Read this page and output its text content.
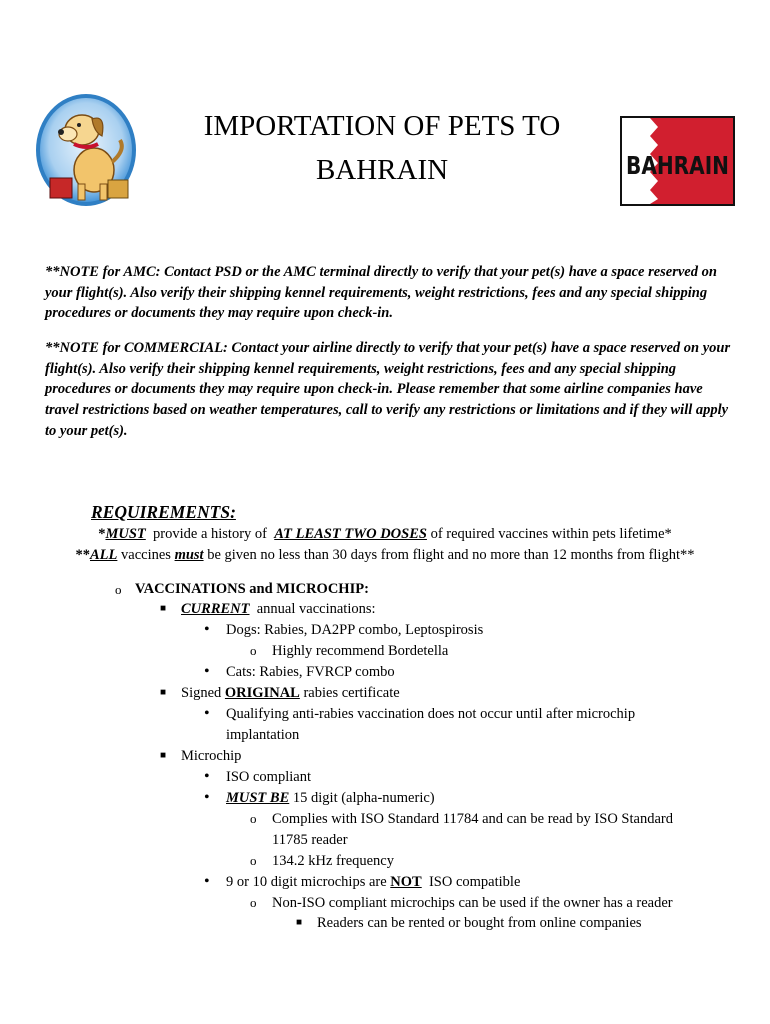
IMPORTATION OF PETS TO
BAHRAIN	BAHRAIN
**NOTE for AMC: Contact PSD or the AMC terminal directly to verify that your pet(s) have a space reserved on your flight(s). Also verify their shipping kennel requirements, weight restrictions, fees and any special shipping procedures or documents they may require upon check-in.
**NOTE for COMMERCIAL: Contact your airline directly to verify that your pet(s) have a space reserved on your flight(s). Also verify their shipping kennel requirements, weight restrictions, fees and any special shipping procedures or documents they may require upon check-in. Please remember that some airline companies have travel restrictions based on weather temperatures, call to verify any restrictions or limitations and if they will apply to your pet(s).
REQUIREMENTS:
*MUST  provide a history of  AT LEAST TWO DOSES of required vaccines within pets lifetime*
**ALL vaccines must be given no less than 30 days from flight and no more than 12 months from flight**
o VACCINATIONS and MICROCHIP:
■ CURRENT  annual vaccinations:
• Dogs: Rabies, DA2PP combo, Leptospirosis
o Highly recommend Bordetella
• Cats: Rabies, FVRCP combo
■ Signed ORIGINAL rabies certificate
• Qualifying anti-rabies vaccination does not occur until after microchip
implantation
■ Microchip
• ISO compliant
• MUST BE 15 digit (alpha-numeric)
o Complies with ISO Standard 11784 and can be read by ISO Standard
11785 reader
o 134.2 kHz frequency
• 9 or 10 digit microchips are NOT  ISO compatible
o Non-ISO compliant microchips can be used if the owner has a reader
■ Readers can be rented or bought from online companies
